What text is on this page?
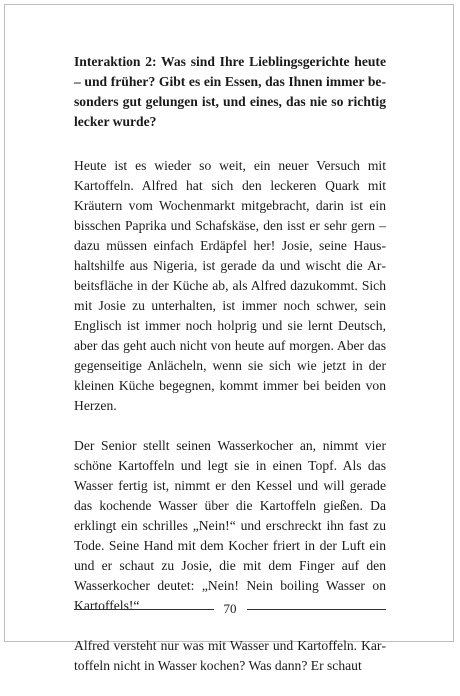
Interaktion 2: Was sind Ihre Lieblingsgerichte heute – und früher? Gibt es ein Essen, das Ihnen immer besonders gut gelungen ist, und eines, das nie so richtig lecker wurde?

Heute ist es wieder so weit, ein neuer Versuch mit Kartoffeln. Alfred hat sich den leckeren Quark mit Kräutern vom Wochenmarkt mitgebracht, darin ist ein bisschen Paprika und Schafskäse, den isst er sehr gern – dazu müssen einfach Erdäpfel her! Josie, seine Haushaltshilfe aus Nigeria, ist gerade da und wischt die Arbeitsfläche in der Küche ab, als Alfred dazukommt. Sich mit Josie zu unterhalten, ist immer noch schwer, sein Englisch ist immer noch holprig und sie lernt Deutsch, aber das geht auch nicht von heute auf morgen. Aber das gegenseitige Anlächeln, wenn sie sich wie jetzt in der kleinen Küche begegnen, kommt immer bei beiden von Herzen.

Der Senior stellt seinen Wasserkocher an, nimmt vier schöne Kartoffeln und legt sie in einen Topf. Als das Wasser fertig ist, nimmt er den Kessel und will gerade das kochende Wasser über die Kartoffeln gießen. Da erklingt ein schrilles „Nein!“ und erschreckt ihn fast zu Tode. Seine Hand mit dem Kocher friert in der Luft ein und er schaut zu Josie, die mit dem Finger auf den Wasserkocher deutet: „Nein! Nein boiling Wasser on Kartoffels!“

Alfred versteht nur was mit Wasser und Kartoffeln. Kartoffeln nicht in Wasser kochen? Was dann? Er schaut

70
